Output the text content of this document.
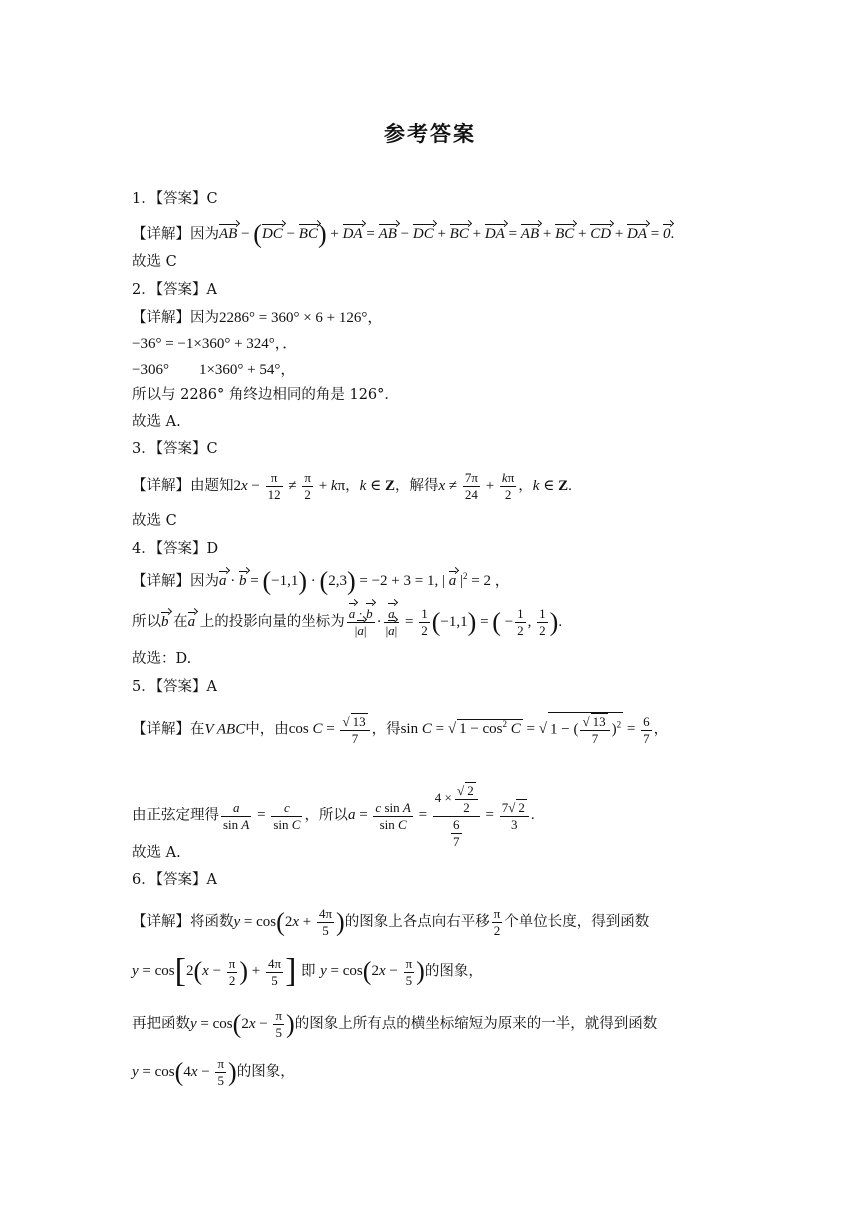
参考答案
1．【答案】C
【详解】因为AB − (DC − BC) + DA = AB − DC + BC + DA = AB + BC + CD + DA = 0.
故选 C
2．【答案】A
【详解】因为2286° = 360° × 6 + 126°，
−36° = −1×360° + 324°，．
−306°　　1×360° + 54°，
所以与 2286° 角终边相同的角是 126°．
故选 A.
3．【答案】C
【详解】由题知$2x - \frac{\pi}{12} \ne \frac{\pi}{2} + k\pi$，k ∈ Z，解得$x \ne \frac{7\pi}{24} + \frac{k\pi}{2}$ ，k ∈ Z.
故选 C
4．【答案】D
【详解】因为a · b = (−1,1) · (2,3) = −2 + 3 = 1, | a $|^2 = 2$ ，
所以b 在a 上的投影向量的坐标为 $\frac{a \cdot b}{|a|} \cdot \frac{a}{|a|} = \frac{1}{2} (-1,1)$ = ( − $\frac{1}{2}$ , $\frac{1}{2}$ ).
故选：D.
5．【答案】A
【详解】在V ABC中，由$\cos C = \frac{√ 13}{7}$ ，得sin C = √ $1 - \cos^2 C$ = √ 1 − ( $\frac{√ 13}{7} )^2 = \frac{6}{7}$ ，
由正弦定理得 $\frac{a}{\text{sin A}} = \frac{c}{\text{sin C}}$ ，所以$a = \frac{\text{c sin A}}{\text{sin C}} = \frac{4 \times \frac{√ 2}{2}}{\frac{6}{7}} = \frac{7√ 2}{3}$ .
故选 A.
6．【答案】A
【详解】将函数$y = \cos(2x + \frac{4\pi}{5}$ )的图象上各点向右平移 $\frac{\pi}{2}$ 个单位长度，得到函数
$y = \cos[2(x - \frac{\pi}{2}$ ) + $\frac{4\pi}{5}$ ] 即 $y = \cos(2x - \frac{\pi}{5}$ )的图象，
再把函数$y = \cos(2x - \frac{\pi}{5}$ )的图象上所有点的横坐标缩短为原来的一半，就得到函数
$y = \cos(4x - \frac{\pi}{5}$ )的图象，
